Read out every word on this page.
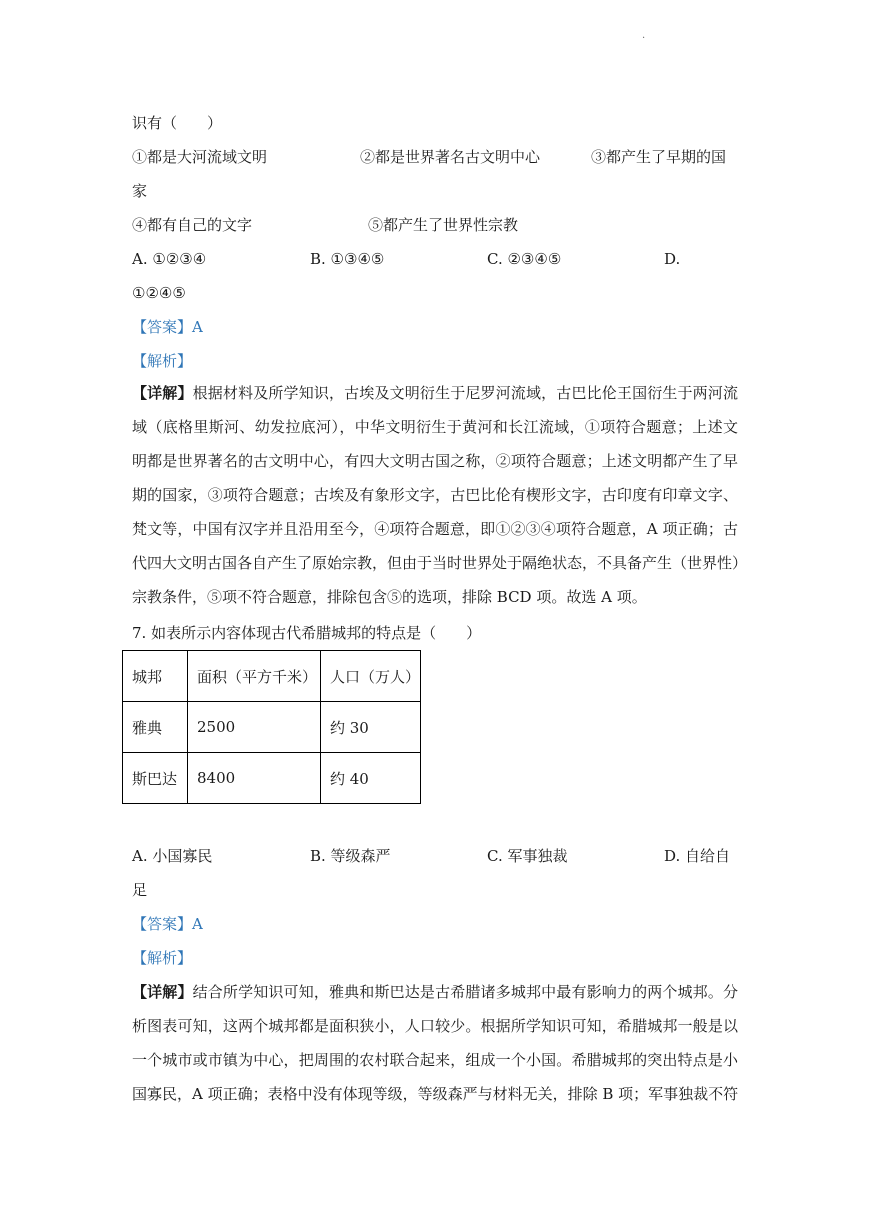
.
识有（　　）
①都是大河流域文明	②都是世界著名古文明中心	③都产生了早期的国
家
④都有自己的文字	⑤都产生了世界性宗教
A. ①②③④	B. ①③④⑤	C. ②③④⑤	D.
①②④⑤
【答案】A
【解析】
【详解】根据材料及所学知识，古埃及文明衍生于尼罗河流域，古巴比伦王国衍生于两河流
域（底格里斯河、幼发拉底河），中华文明衍生于黄河和长江流域，①项符合题意；上述文
明都是世界著名的古文明中心，有四大文明古国之称，②项符合题意；上述文明都产生了早
期的国家，③项符合题意；古埃及有象形文字，古巴比伦有楔形文字，古印度有印章文字、
梵文等，中国有汉字并且沿用至今，④项符合题意，即①②③④项符合题意，A 项正确；古
代四大文明古国各自产生了原始宗教，但由于当时世界处于隔绝状态，不具备产生（世界性）
宗教条件，⑤项不符合题意，排除包含⑤的选项，排除 BCD 项。故选 A 项。
7. 如表所示内容体现古代希腊城邦的特点是（　　）
城邦	面积（平方千米）	人口（万人）
雅典	2500	约 30
斯巴达	8400	约 40
A. 小国寡民	B. 等级森严	C. 军事独裁	D. 自给自
足
【答案】A
【解析】
【详解】结合所学知识可知，雅典和斯巴达是古希腊诸多城邦中最有影响力的两个城邦。分
析图表可知，这两个城邦都是面积狭小，人口较少。根据所学知识可知，希腊城邦一般是以
一个城市或市镇为中心，把周围的农村联合起来，组成一个小国。希腊城邦的突出特点是小
国寡民，A 项正确；表格中没有体现等级，等级森严与材料无关，排除 B 项；军事独裁不符
